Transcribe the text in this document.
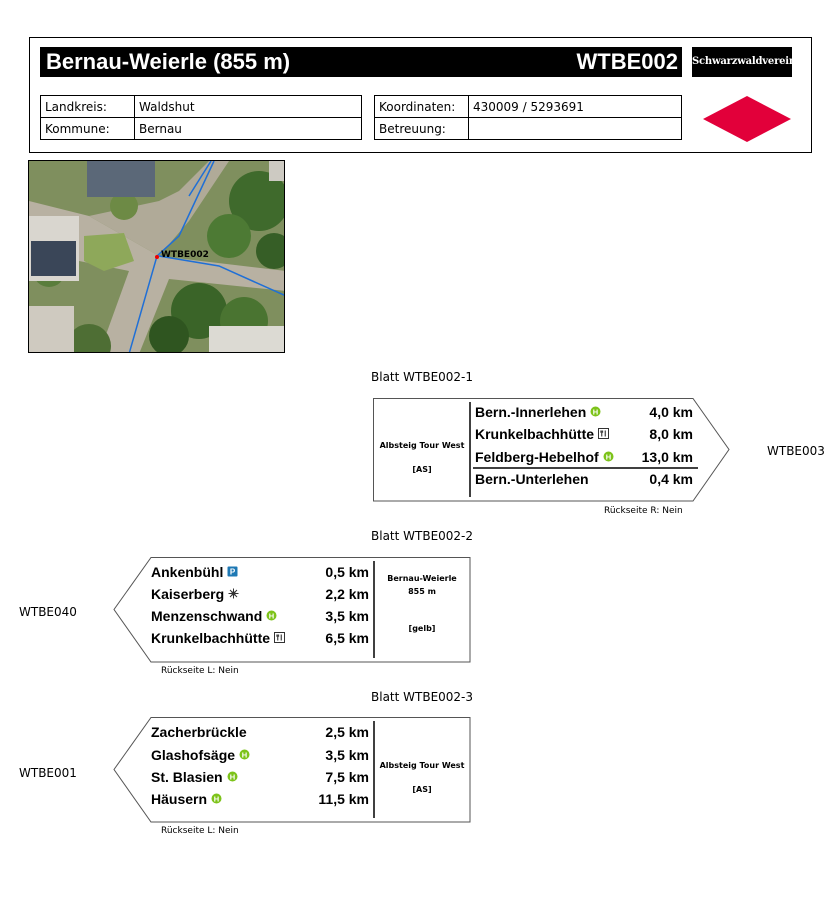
Bernau-Weierle (855 m)	WTBE002 Schwarzwaldverein
Landkreis:	Waldshut
Kommune:	Bernau
Koordinaten:	430009 / 5293691
Betreuung:	
WTBE002
Blatt WTBE002-1
Albsteig Tour West
[AS]
Bern.-Innerlehen H	4,0 km
Krunkelbachhütte	8,0 km
Feldberg-Hebelhof H	13,0 km
Bern.-Unterlehen	0,4 km
Rückseite R: Nein
WTBE003
Blatt WTBE002-2
Bernau-Weierle
855 m
[gelb]
Ankenbühl P	0,5 km
Kaiserberg	2,2 km
Menzenschwand H	3,5 km
Krunkelbachhütte	6,5 km
Rückseite L: Nein
WTBE040
Blatt WTBE002-3
Albsteig Tour West
[AS]
Zacherbrückle	2,5 km
Glashofsäge H	3,5 km
St. Blasien H	7,5 km
Häusern H	11,5 km
Rückseite L: Nein
WTBE001
